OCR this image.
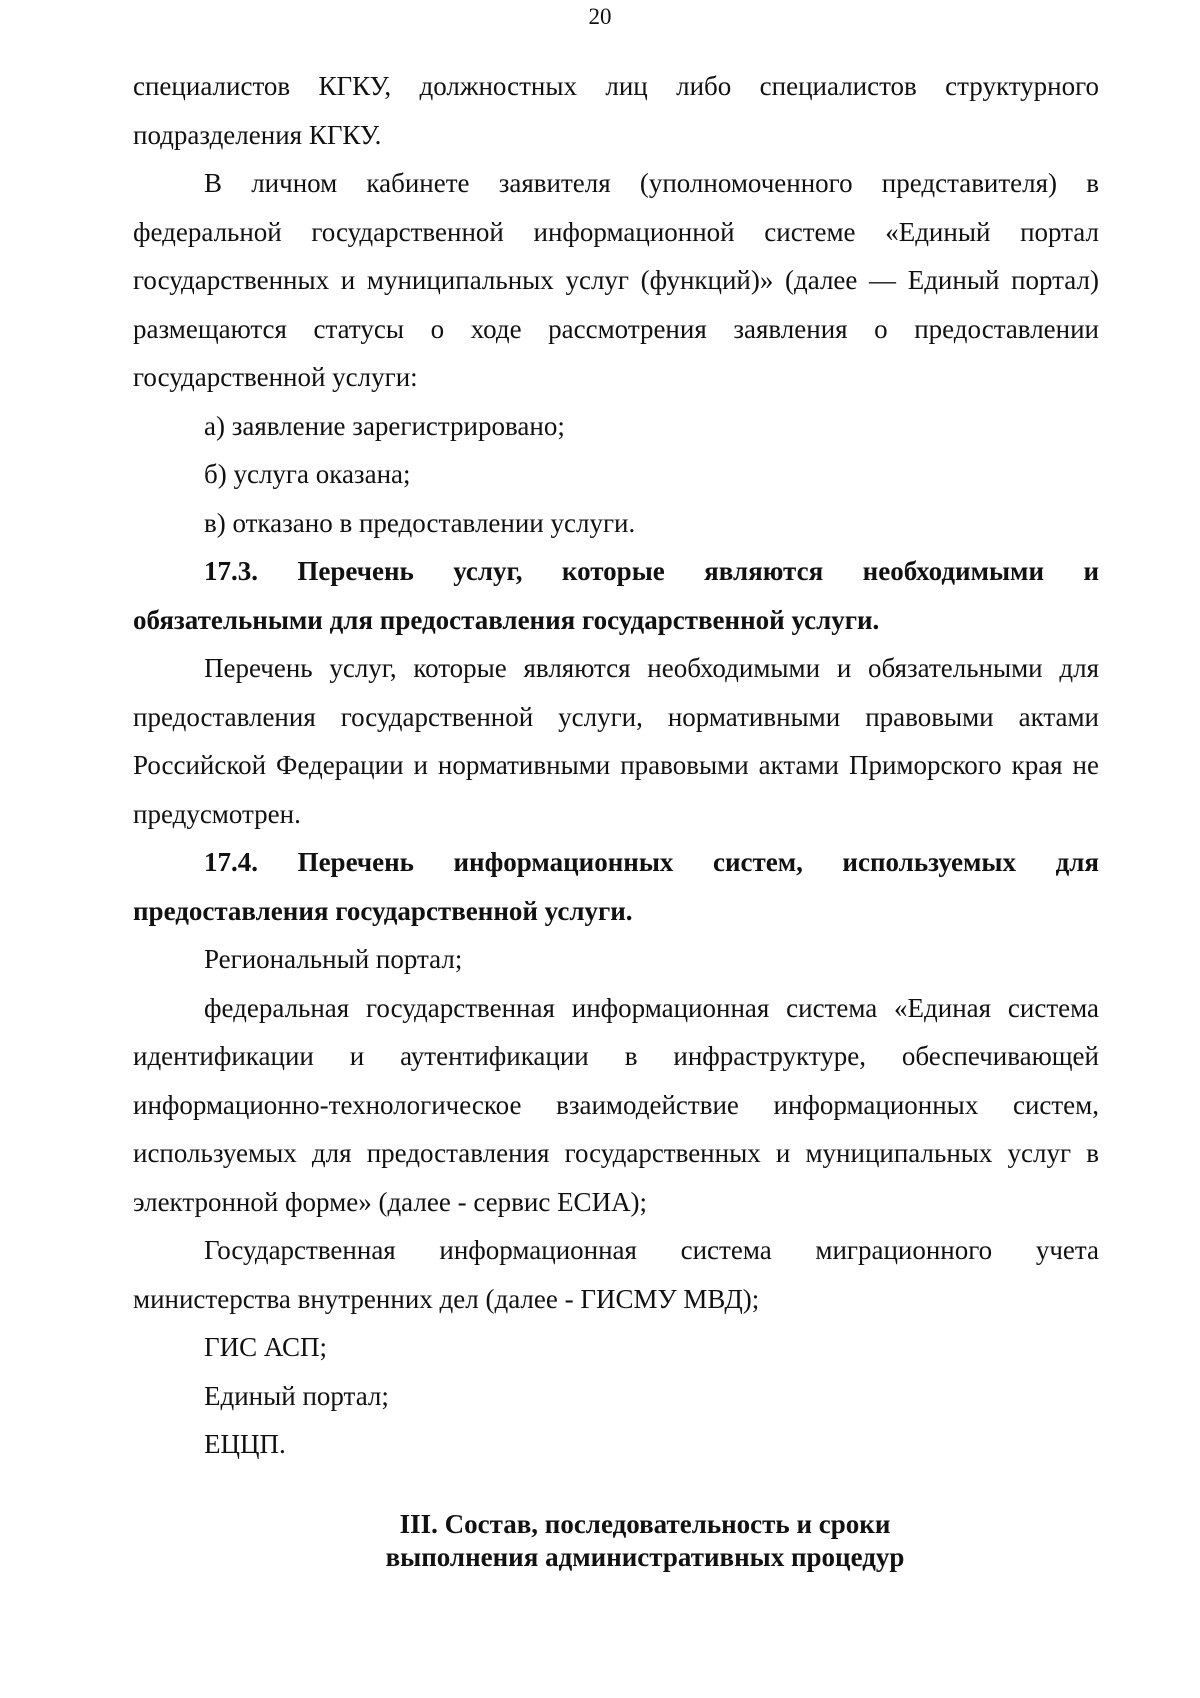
20

специалистов КГКУ, должностных лиц либо специалистов структурного подразделения КГКУ.

В личном кабинете заявителя (уполномоченного представителя) в федеральной государственной информационной системе «Единый портал государственных и муниципальных услуг (функций)» (далее — Единый портал) размещаются статусы о ходе рассмотрения заявления о предоставлении государственной услуги:

а) заявление зарегистрировано;

б) услуга оказана;

в) отказано в предоставлении услуги.

17.3. Перечень услуг, которые являются необходимыми и обязательными для предоставления государственной услуги.

Перечень услуг, которые являются необходимыми и обязательными для предоставления государственной услуги, нормативными правовыми актами Российской Федерации и нормативными правовыми актами Приморского края не предусмотрен.

17.4. Перечень информационных систем, используемых для предоставления государственной услуги.

Региональный портал;

федеральная государственная информационная система «Единая система идентификации и аутентификации в инфраструктуре, обеспечивающей информационно-технологическое взаимодействие информационных систем, используемых для предоставления государственных и муниципальных услуг в электронной форме» (далее - сервис ЕСИА);

Государственная информационная система миграционного учета министерства внутренних дел (далее - ГИСМУ МВД);

ГИС АСП;

Единый портал;

ЕЦЦП.

III. Состав, последовательность и сроки
выполнения административных процедур
